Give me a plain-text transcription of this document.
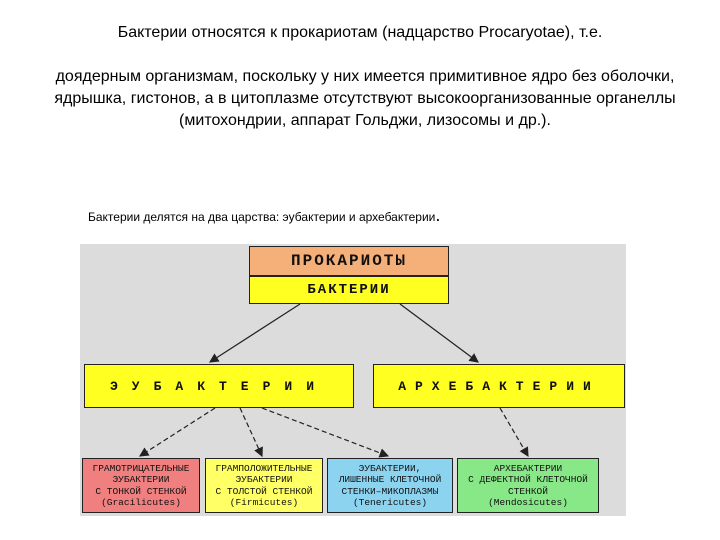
Бактерии относятся к прокариотам (надцарство Procaryotae), т.е.
доядерным организмам, поскольку у них имеется примитивное ядро без оболочки, ядрышка, гистонов, а в цитоплазме отсутствуют высокоорганизованные органеллы (митохондрии, аппарат Гольджи, лизосомы и др.).
Бактерии делятся на два царства: эубактерии и архебактерии.
ПРОКАРИОТЫ
БАКТЕРИИ
ЭУБАКТЕРИИ	АРХЕБАКТЕРИИ
ГРАМОТРИЦАТЕЛЬНЫЕ
ЭУБАКТЕРИИ
С ТОНКОЙ СТЕНКОЙ
(Gracilicutes)
ГРАМПОЛОЖИТЕЛЬНЫЕ
ЭУБАКТЕРИИ
С ТОЛСТОЙ СТЕНКОЙ
(Firmicutes)
ЭУБАКТЕРИИ,
ЛИШЕННЫЕ КЛЕТОЧНОЙ
СТЕНКИ–МИКОПЛАЗМЫ
(Tenericutes)
АРХЕБАКТЕРИИ
С ДЕФЕКТНОЙ КЛЕТОЧНОЙ
СТЕНКОЙ
(Mendosicutes)
